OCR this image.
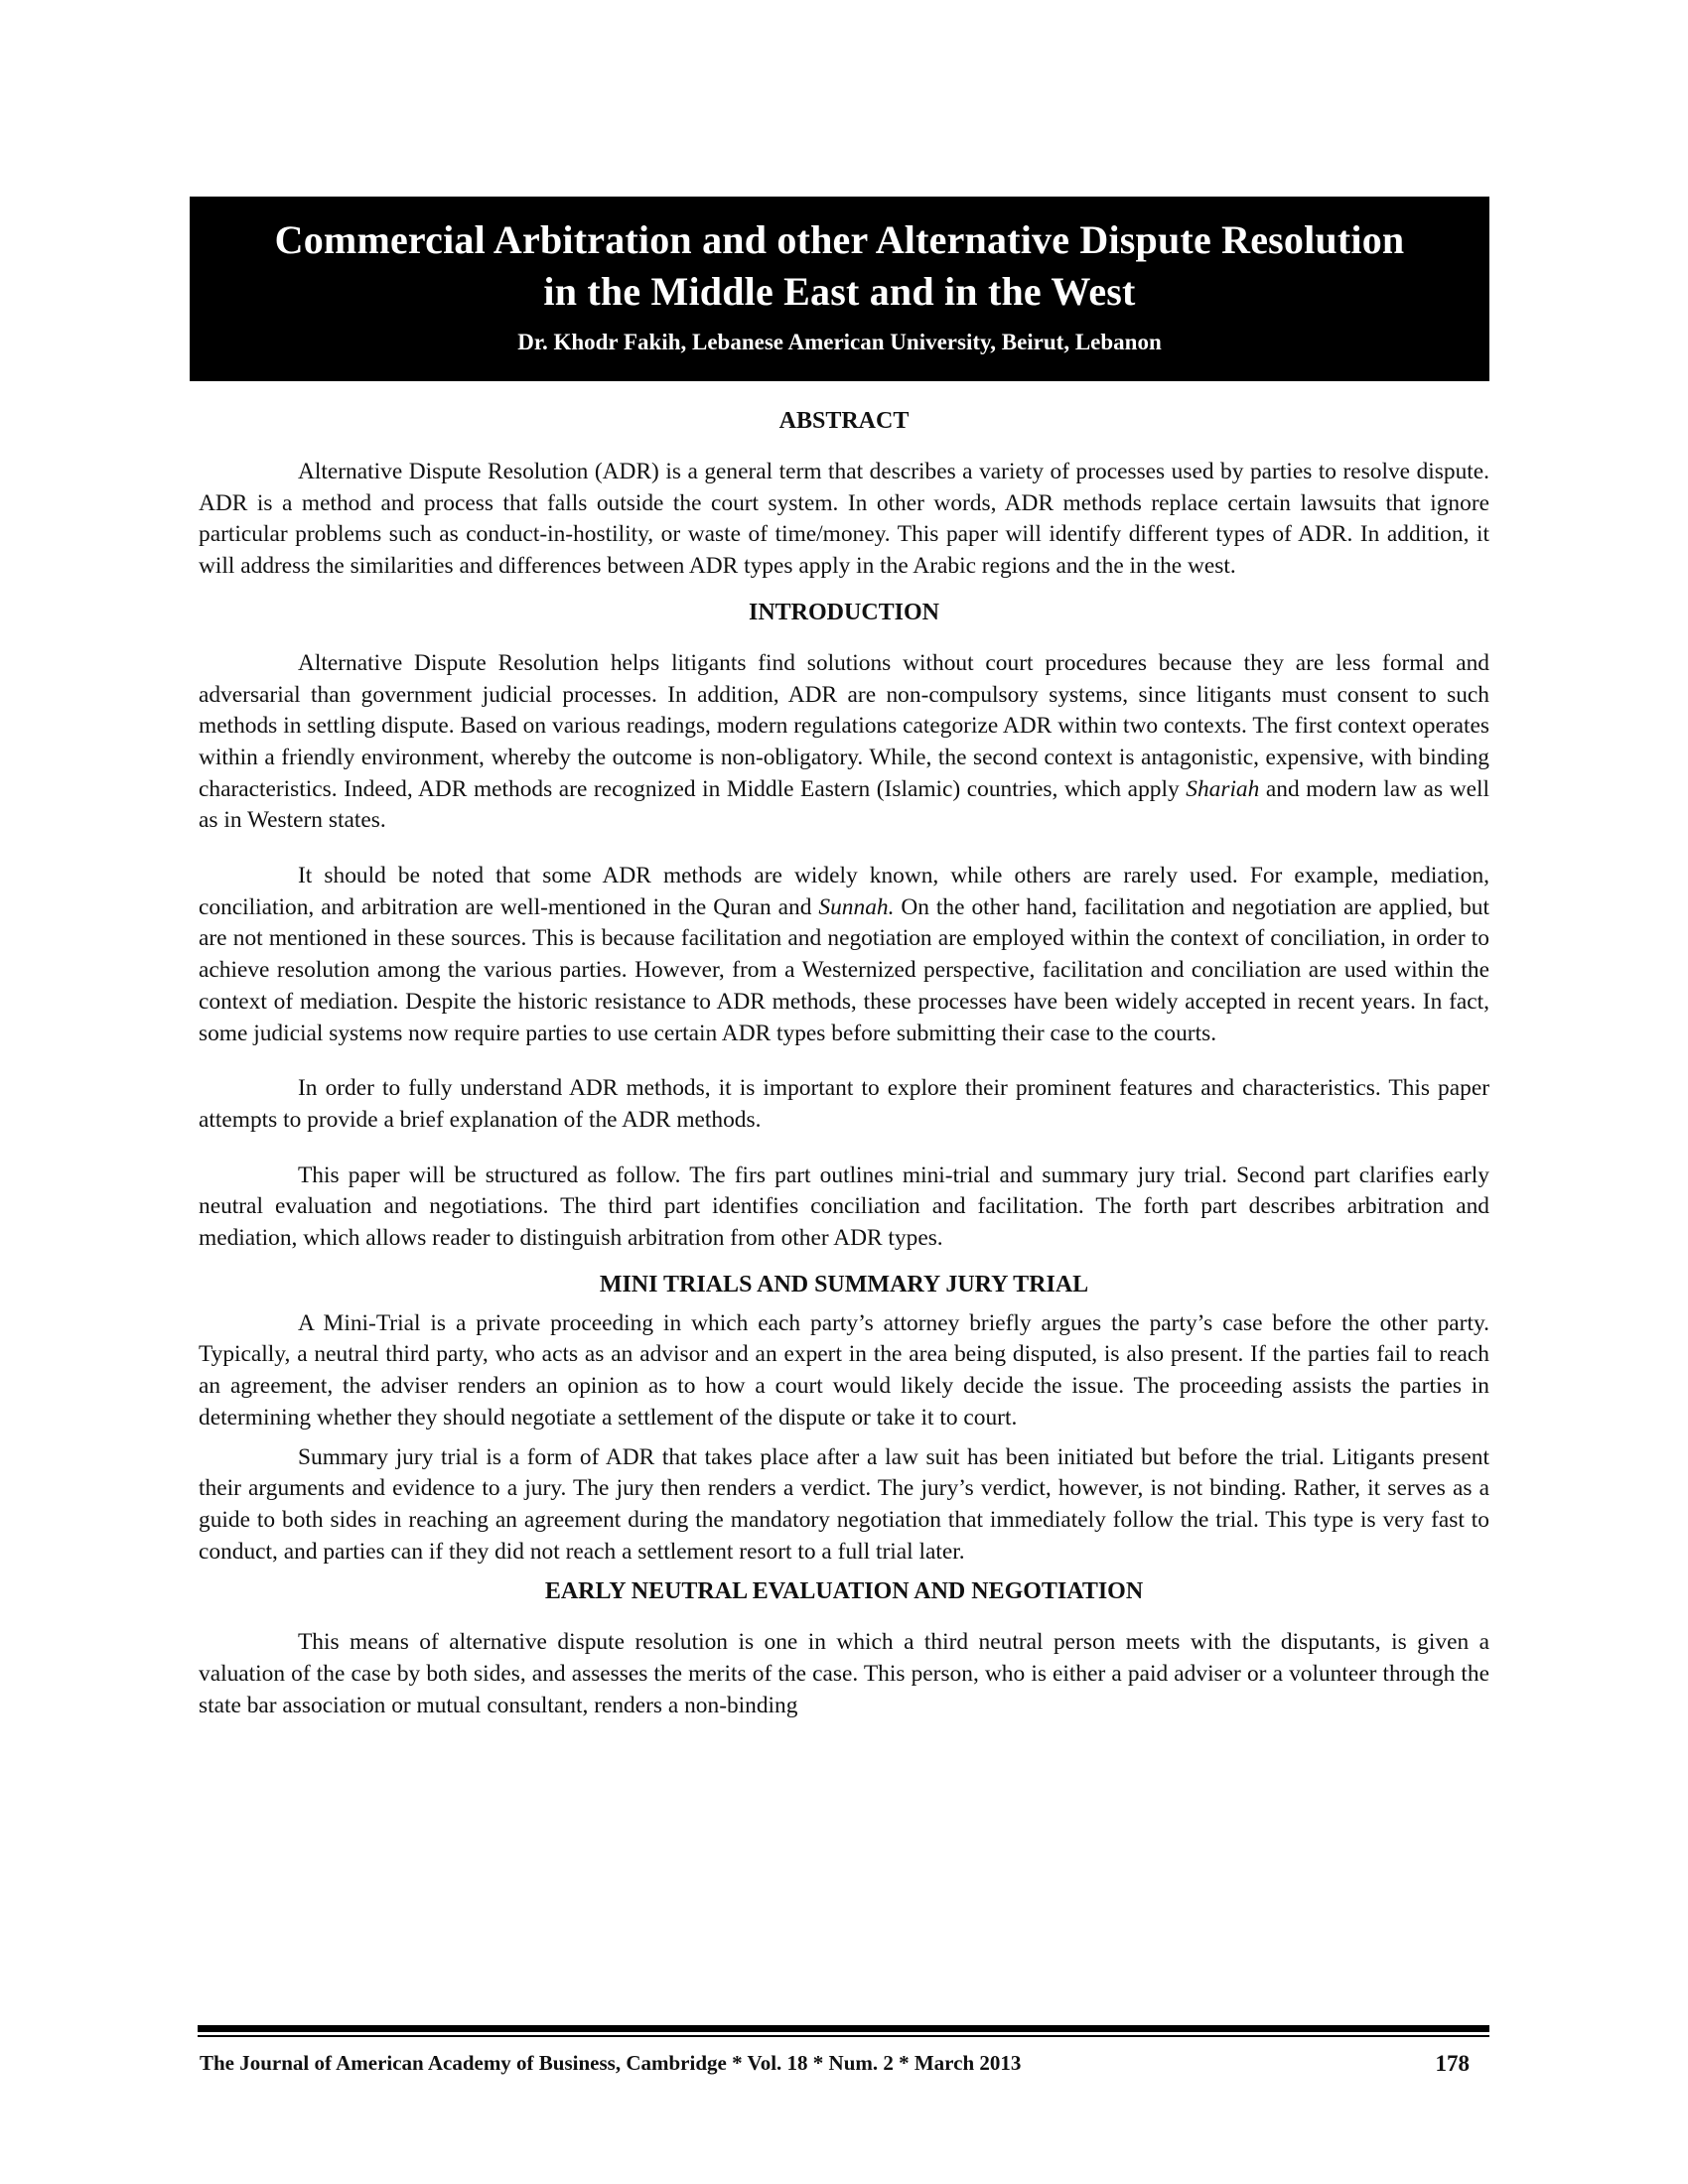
Commercial Arbitration and other Alternative Dispute Resolution
in the Middle East and in the West
Dr. Khodr Fakih, Lebanese American University, Beirut, Lebanon
ABSTRACT

Alternative Dispute Resolution (ADR) is a general term that describes a variety of processes used by parties to resolve dispute. ADR is a method and process that falls outside the court system. In other words, ADR methods replace certain lawsuits that ignore particular problems such as conduct-in-hostility, or waste of time/money. This paper will identify different types of ADR. In addition, it will address the similarities and differences between ADR types apply in the Arabic regions and the in the west.

INTRODUCTION

Alternative Dispute Resolution helps litigants find solutions without court procedures because they are less formal and adversarial than government judicial processes. In addition, ADR are non-compulsory systems, since litigants must consent to such methods in settling dispute. Based on various readings, modern regulations categorize ADR within two contexts. The first context operates within a friendly environment, whereby the outcome is non-obligatory. While, the second context is antagonistic, expensive, with binding characteristics. Indeed, ADR methods are recognized in Middle Eastern (Islamic) countries, which apply Shariah and modern law as well as in Western states.

It should be noted that some ADR methods are widely known, while others are rarely used. For example, mediation, conciliation, and arbitration are well-mentioned in the Quran and Sunnah. On the other hand, facilitation and negotiation are applied, but are not mentioned in these sources. This is because facilitation and negotiation are employed within the context of conciliation, in order to achieve resolution among the various parties. However, from a Westernized perspective, facilitation and conciliation are used within the context of mediation. Despite the historic resistance to ADR methods, these processes have been widely accepted in recent years. In fact, some judicial systems now require parties to use certain ADR types before submitting their case to the courts.

In order to fully understand ADR methods, it is important to explore their prominent features and characteristics. This paper attempts to provide a brief explanation of the ADR methods.

This paper will be structured as follow. The firs part outlines mini-trial and summary jury trial. Second part clarifies early neutral evaluation and negotiations. The third part identifies conciliation and facilitation. The forth part describes arbitration and mediation, which allows reader to distinguish arbitration from other ADR types.

MINI TRIALS AND SUMMARY JURY TRIAL

A Mini-Trial is a private proceeding in which each party’s attorney briefly argues the party’s case before the other party. Typically, a neutral third party, who acts as an advisor and an expert in the area being disputed, is also present. If the parties fail to reach an agreement, the adviser renders an opinion as to how a court would likely decide the issue. The proceeding assists the parties in determining whether they should negotiate a settlement of the dispute or take it to court.

Summary jury trial is a form of ADR that takes place after a law suit has been initiated but before the trial. Litigants present their arguments and evidence to a jury. The jury then renders a verdict. The jury’s verdict, however, is not binding. Rather, it serves as a guide to both sides in reaching an agreement during the mandatory negotiation that immediately follow the trial. This type is very fast to conduct, and parties can if they did not reach a settlement resort to a full trial later.

EARLY NEUTRAL EVALUATION AND NEGOTIATION

This means of alternative dispute resolution is one in which a third neutral person meets with the disputants, is given a valuation of the case by both sides, and assesses the merits of the case. This person, who is either a paid adviser or a volunteer through the state bar association or mutual consultant, renders a non-binding

The Journal of American Academy of Business, Cambridge * Vol. 18 * Num. 2 * March 2013	178
